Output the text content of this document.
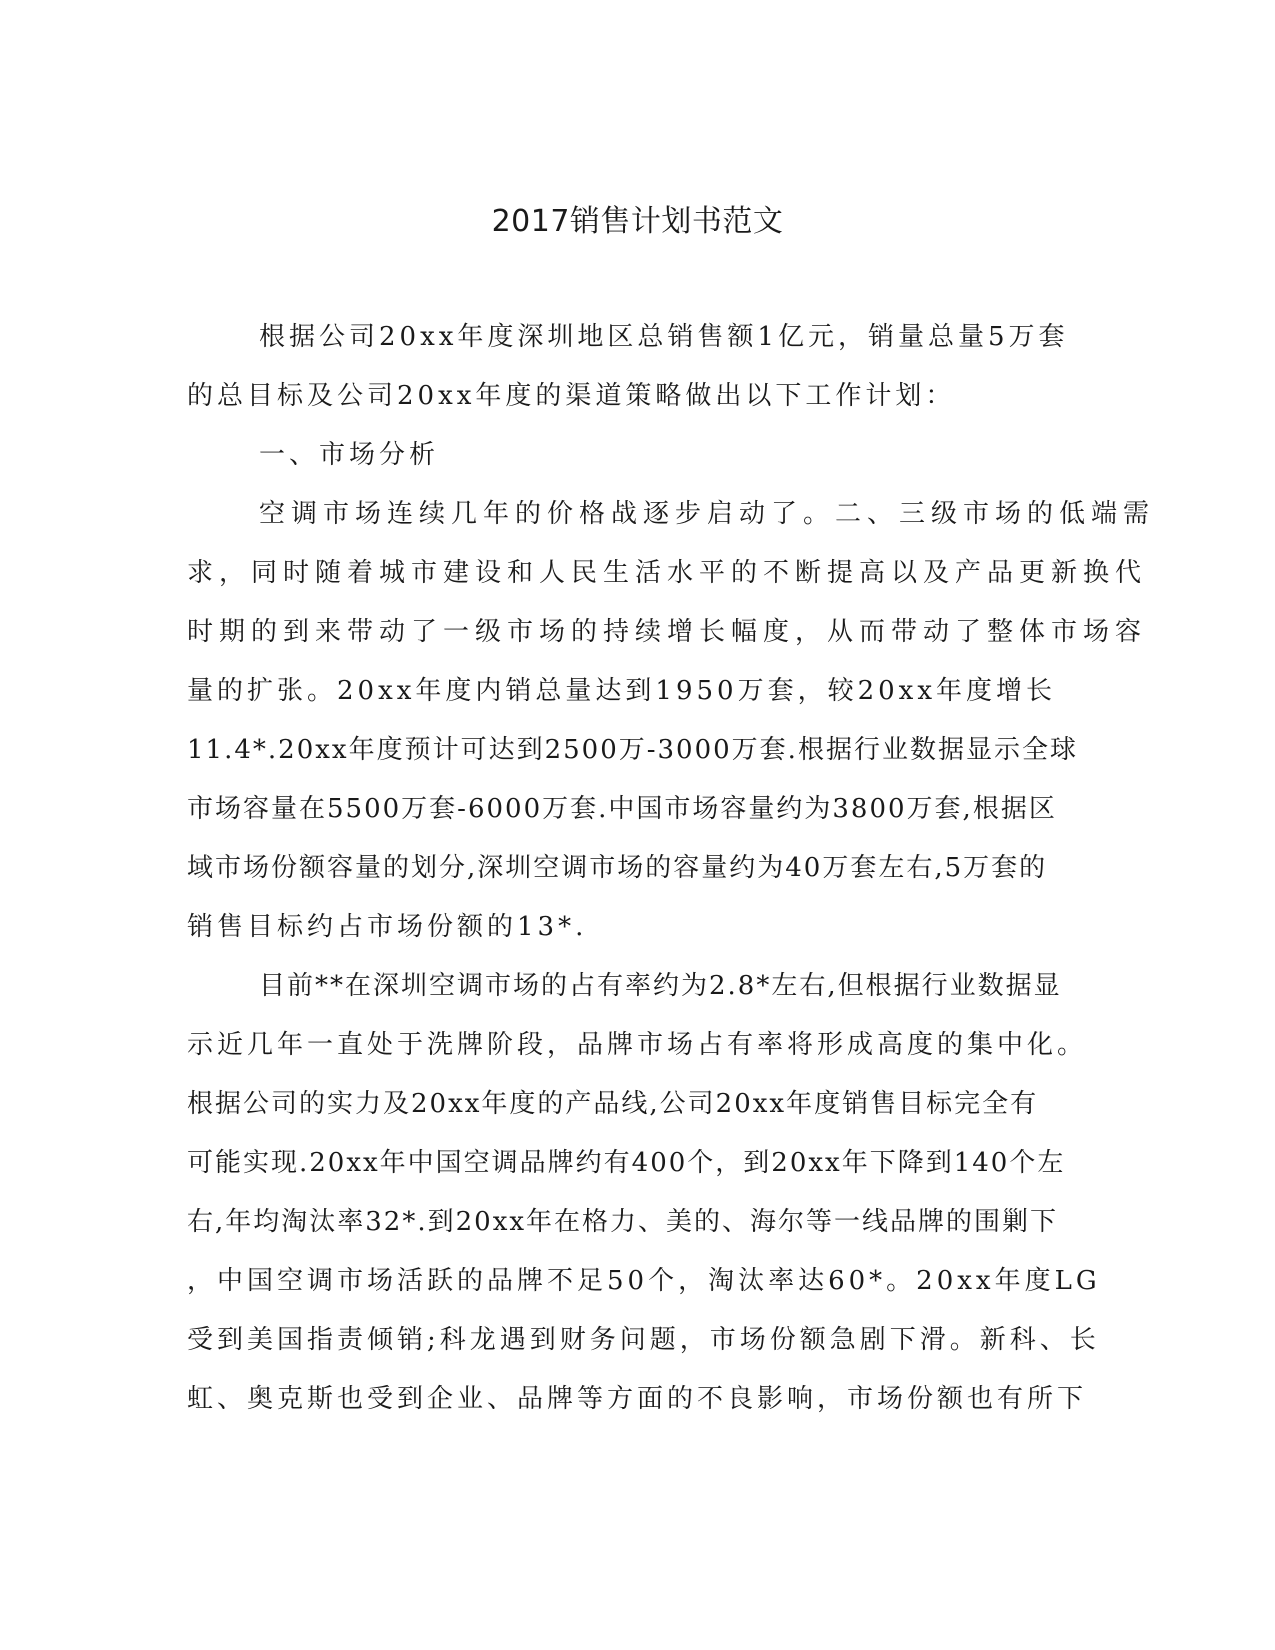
2017销售计划书范文
根据公司20xx年度深圳地区总销售额1亿元，销量总量5万套
的总目标及公司20xx年度的渠道策略做出以下工作计划：
一、市场分析
空调市场连续几年的价格战逐步启动了。二、三级市场的低端需
求，同时随着城市建设和人民生活水平的不断提高以及产品更新换代
时期的到来带动了一级市场的持续增长幅度，从而带动了整体市场容
量的扩张。20xx年度内销总量达到1950万套，较20xx年度增长
11.4*.20xx年度预计可达到2500万-3000万套.根据行业数据显示全球
市场容量在5500万套-6000万套.中国市场容量约为3800万套,根据区
域市场份额容量的划分,深圳空调市场的容量约为40万套左右,5万套的
销售目标约占市场份额的13*.
目前**在深圳空调市场的占有率约为2.8*左右,但根据行业数据显
示近几年一直处于洗牌阶段，品牌市场占有率将形成高度的集中化。
根据公司的实力及20xx年度的产品线,公司20xx年度销售目标完全有
可能实现.20xx年中国空调品牌约有400个，到20xx年下降到140个左
右,年均淘汰率32*.到20xx年在格力、美的、海尔等一线品牌的围剿下
，中国空调市场活跃的品牌不足50个，淘汰率达60*。20xx年度LG
受到美国指责倾销;科龙遇到财务问题，市场份额急剧下滑。新科、长
虹、奥克斯也受到企业、品牌等方面的不良影响，市场份额也有所下
